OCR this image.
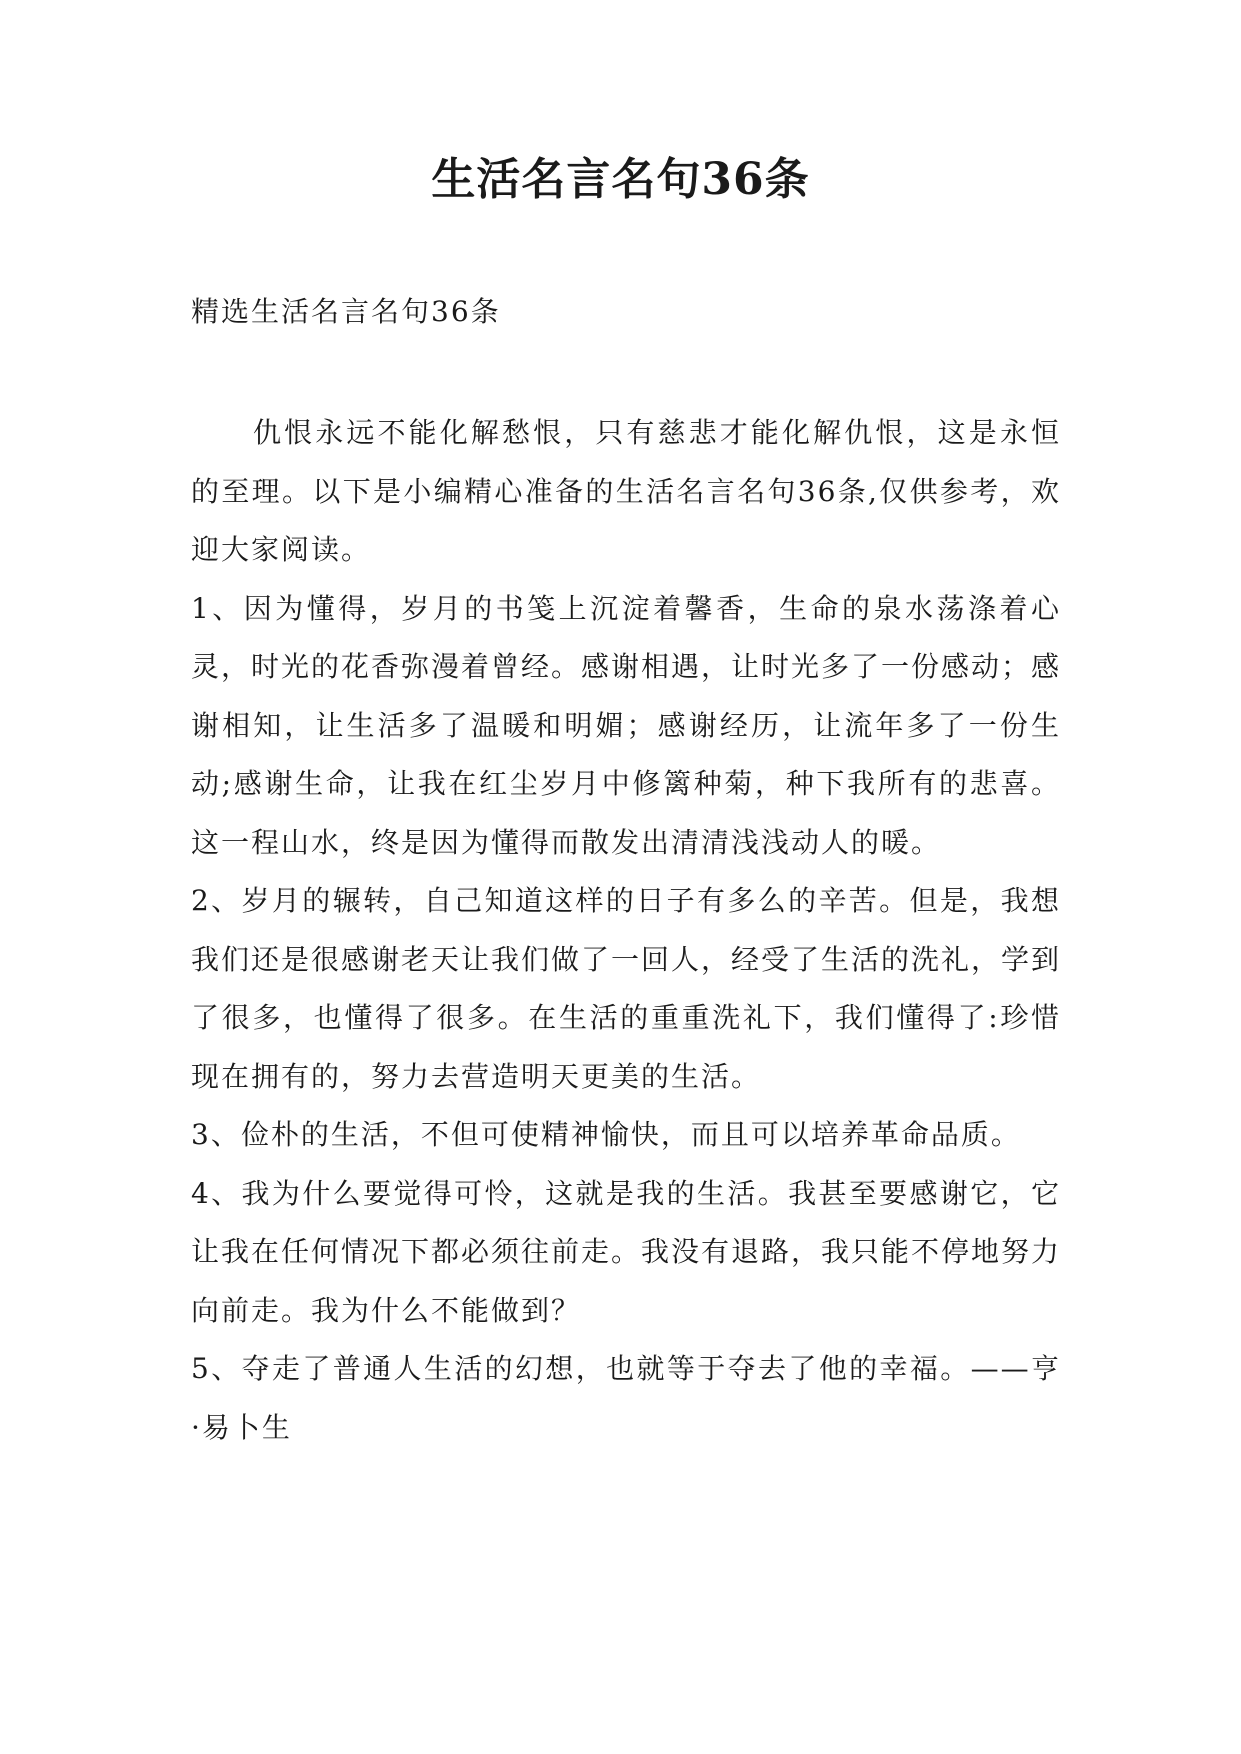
生活名言名句36条

精选生活名言名句36条

仇恨永远不能化解愁恨，只有慈悲才能化解仇恨，这是永恒的至理。以下是小编精心准备的生活名言名句36条,仅供参考，欢迎大家阅读。

1、因为懂得，岁月的书笺上沉淀着馨香，生命的泉水荡涤着心灵，时光的花香弥漫着曾经。感谢相遇，让时光多了一份感动；感谢相知，让生活多了温暖和明媚；感谢经历，让流年多了一份生动;感谢生命，让我在红尘岁月中修篱种菊，种下我所有的悲喜。这一程山水，终是因为懂得而散发出清清浅浅动人的暖。

2、岁月的辗转，自己知道这样的日子有多么的辛苦。但是，我想我们还是很感谢老天让我们做了一回人，经受了生活的洗礼，学到了很多，也懂得了很多。在生活的重重洗礼下，我们懂得了:珍惜现在拥有的，努力去营造明天更美的生活。

3、俭朴的生活，不但可使精神愉快，而且可以培养革命品质。

4、我为什么要觉得可怜，这就是我的生活。我甚至要感谢它，它让我在任何情况下都必须往前走。我没有退路，我只能不停地努力向前走。我为什么不能做到？

5、夺走了普通人生活的幻想，也就等于夺去了他的幸福。——亨·易卜生
